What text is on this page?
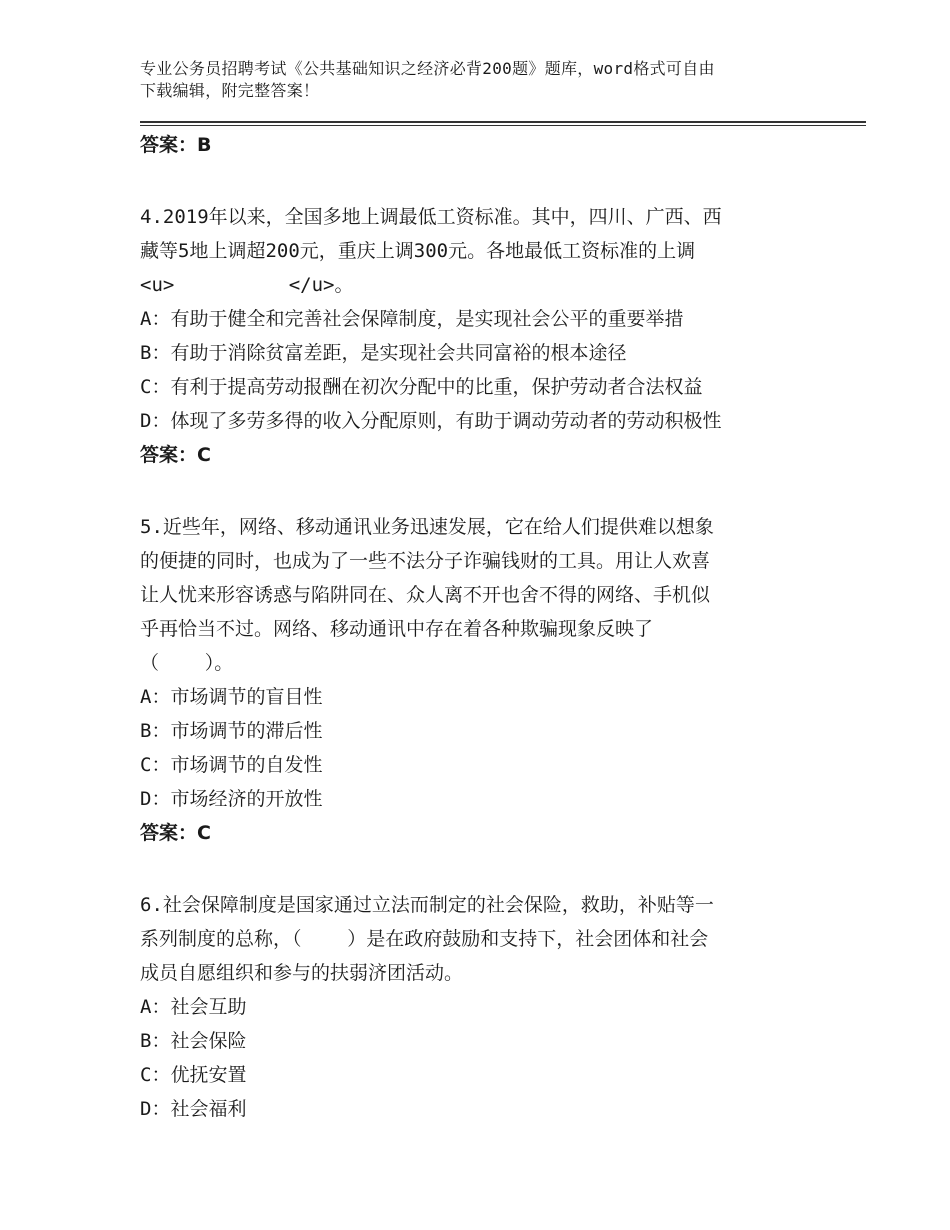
专业公务员招聘考试《公共基础知识之经济必背200题》题库，word格式可自由
下载编辑，附完整答案！

答案：B

4.2019年以来，全国多地上调最低工资标准。其中，四川、广西、西
藏等5地上调超200元，重庆上调300元。各地最低工资标准的上调
<u>          </u>。

A：有助于健全和完善社会保障制度，是实现社会公平的重要举措

B：有助于消除贫富差距，是实现社会共同富裕的根本途径

C：有利于提高劳动报酬在初次分配中的比重，保护劳动者合法权益

D：体现了多劳多得的收入分配原则，有助于调动劳动者的劳动积极性

答案：C

5.近些年，网络、移动通讯业务迅速发展，它在给人们提供难以想象
的便捷的同时，也成为了一些不法分子诈骗钱财的工具。用让人欢喜
让人忧来形容诱惑与陷阱同在、众人离不开也舍不得的网络、手机似
乎再恰当不过。网络、移动通讯中存在着各种欺骗现象反映了
（    ）。

A：市场调节的盲目性

B：市场调节的滞后性

C：市场调节的自发性

D：市场经济的开放性

答案：C

6.社会保障制度是国家通过立法而制定的社会保险，救助，补贴等一
系列制度的总称，（    ）是在政府鼓励和支持下，社会团体和社会
成员自愿组织和参与的扶弱济团活动。

A：社会互助

B：社会保险

C：优抚安置

D：社会福利
